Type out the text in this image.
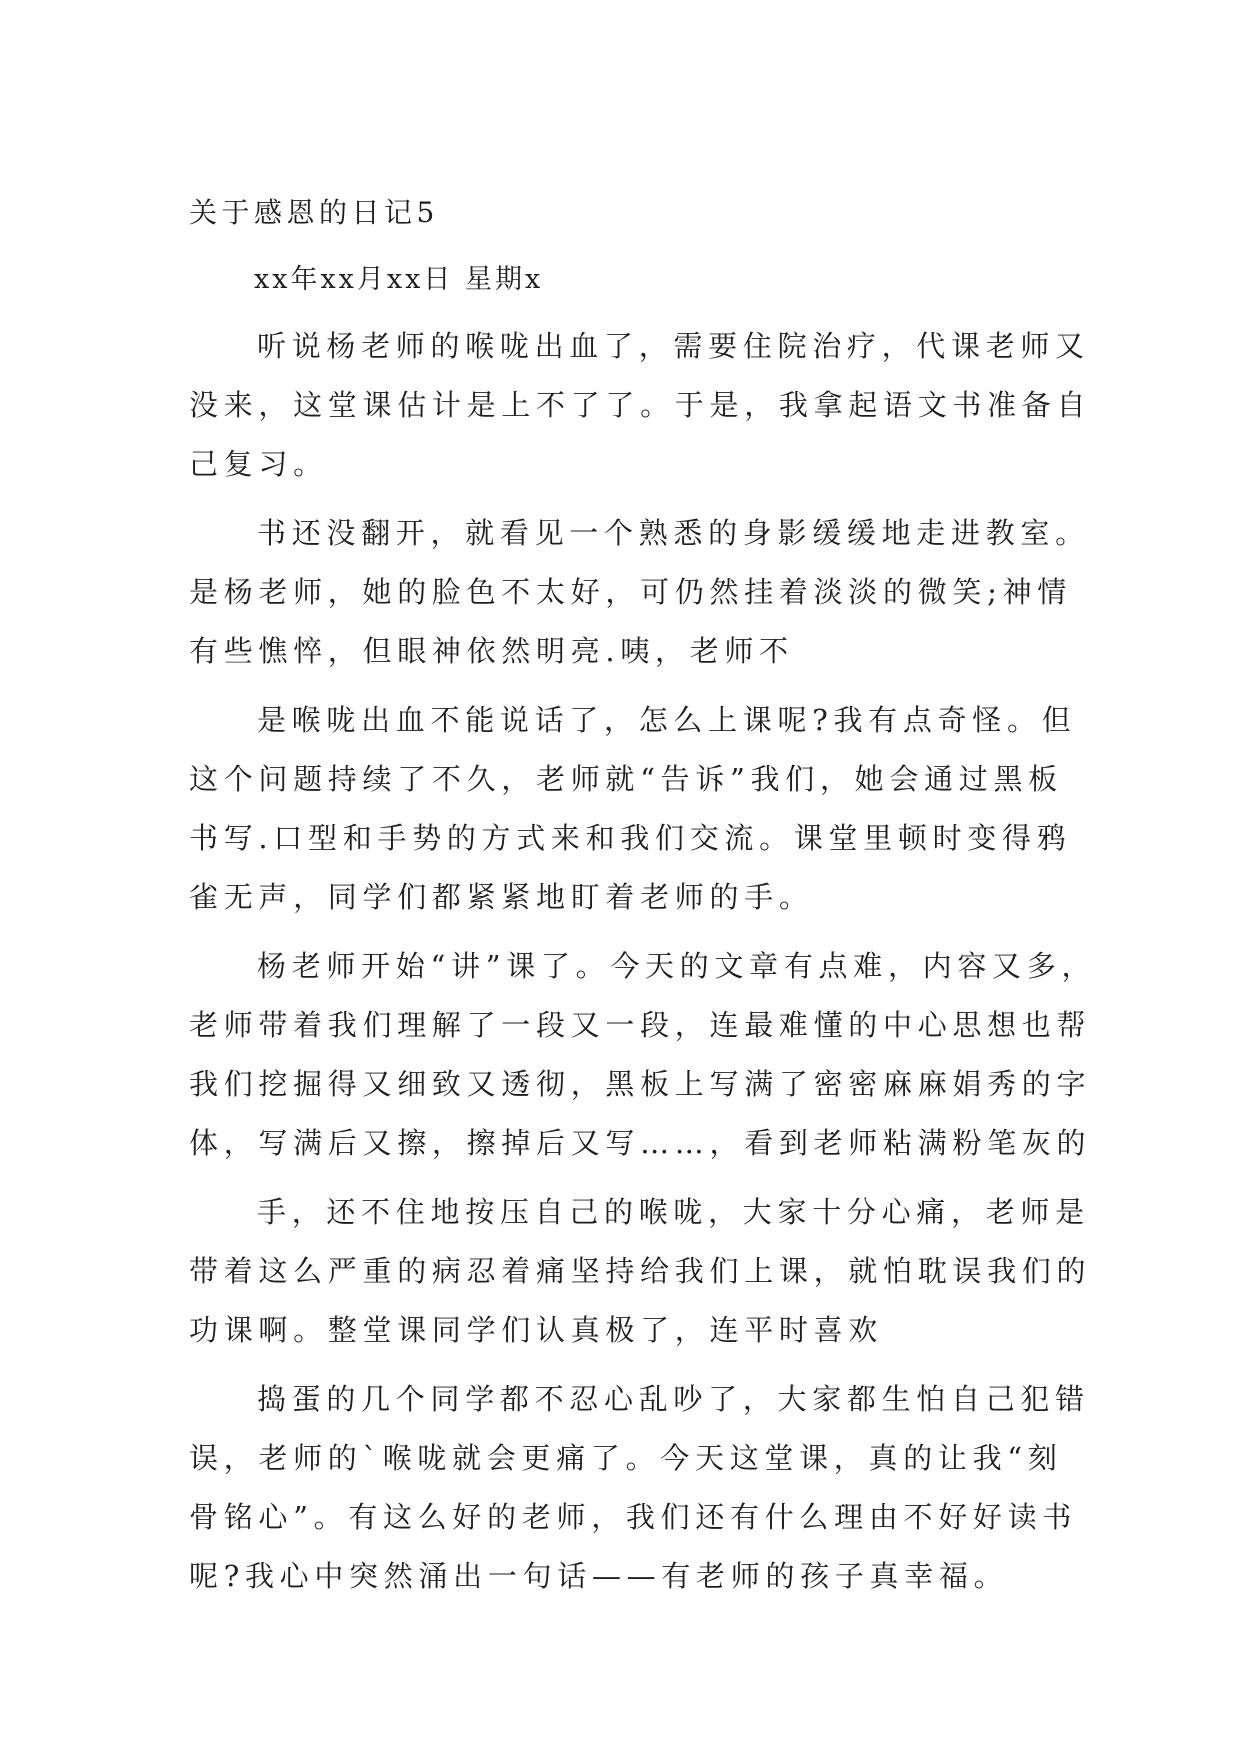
关于感恩的日记5
xx年xx月xx日 星期x
听说杨老师的喉咙出血了，需要住院治疗，代课老师又
没来，这堂课估计是上不了了。于是，我拿起语文书准备自
己复习。
书还没翻开，就看见一个熟悉的身影缓缓地走进教室。
是杨老师，她的脸色不太好，可仍然挂着淡淡的微笑;神情
有些憔悴，但眼神依然明亮.咦，老师不
是喉咙出血不能说话了，怎么上课呢?我有点奇怪。但
这个问题持续了不久，老师就“告诉”我们，她会通过黑板
书写.口型和手势的方式来和我们交流。课堂里顿时变得鸦
雀无声，同学们都紧紧地盯着老师的手。
杨老师开始“讲”课了。今天的文章有点难，内容又多，
老师带着我们理解了一段又一段，连最难懂的中心思想也帮
我们挖掘得又细致又透彻，黑板上写满了密密麻麻娟秀的字
体，写满后又擦，擦掉后又写……，看到老师粘满粉笔灰的
手，还不住地按压自己的喉咙，大家十分心痛，老师是
带着这么严重的病忍着痛坚持给我们上课，就怕耽误我们的
功课啊。整堂课同学们认真极了，连平时喜欢
捣蛋的几个同学都不忍心乱吵了，大家都生怕自己犯错
误，老师的`喉咙就会更痛了。今天这堂课，真的让我“刻
骨铭心”。有这么好的老师，我们还有什么理由不好好读书
呢?我心中突然涌出一句话——有老师的孩子真幸福。
